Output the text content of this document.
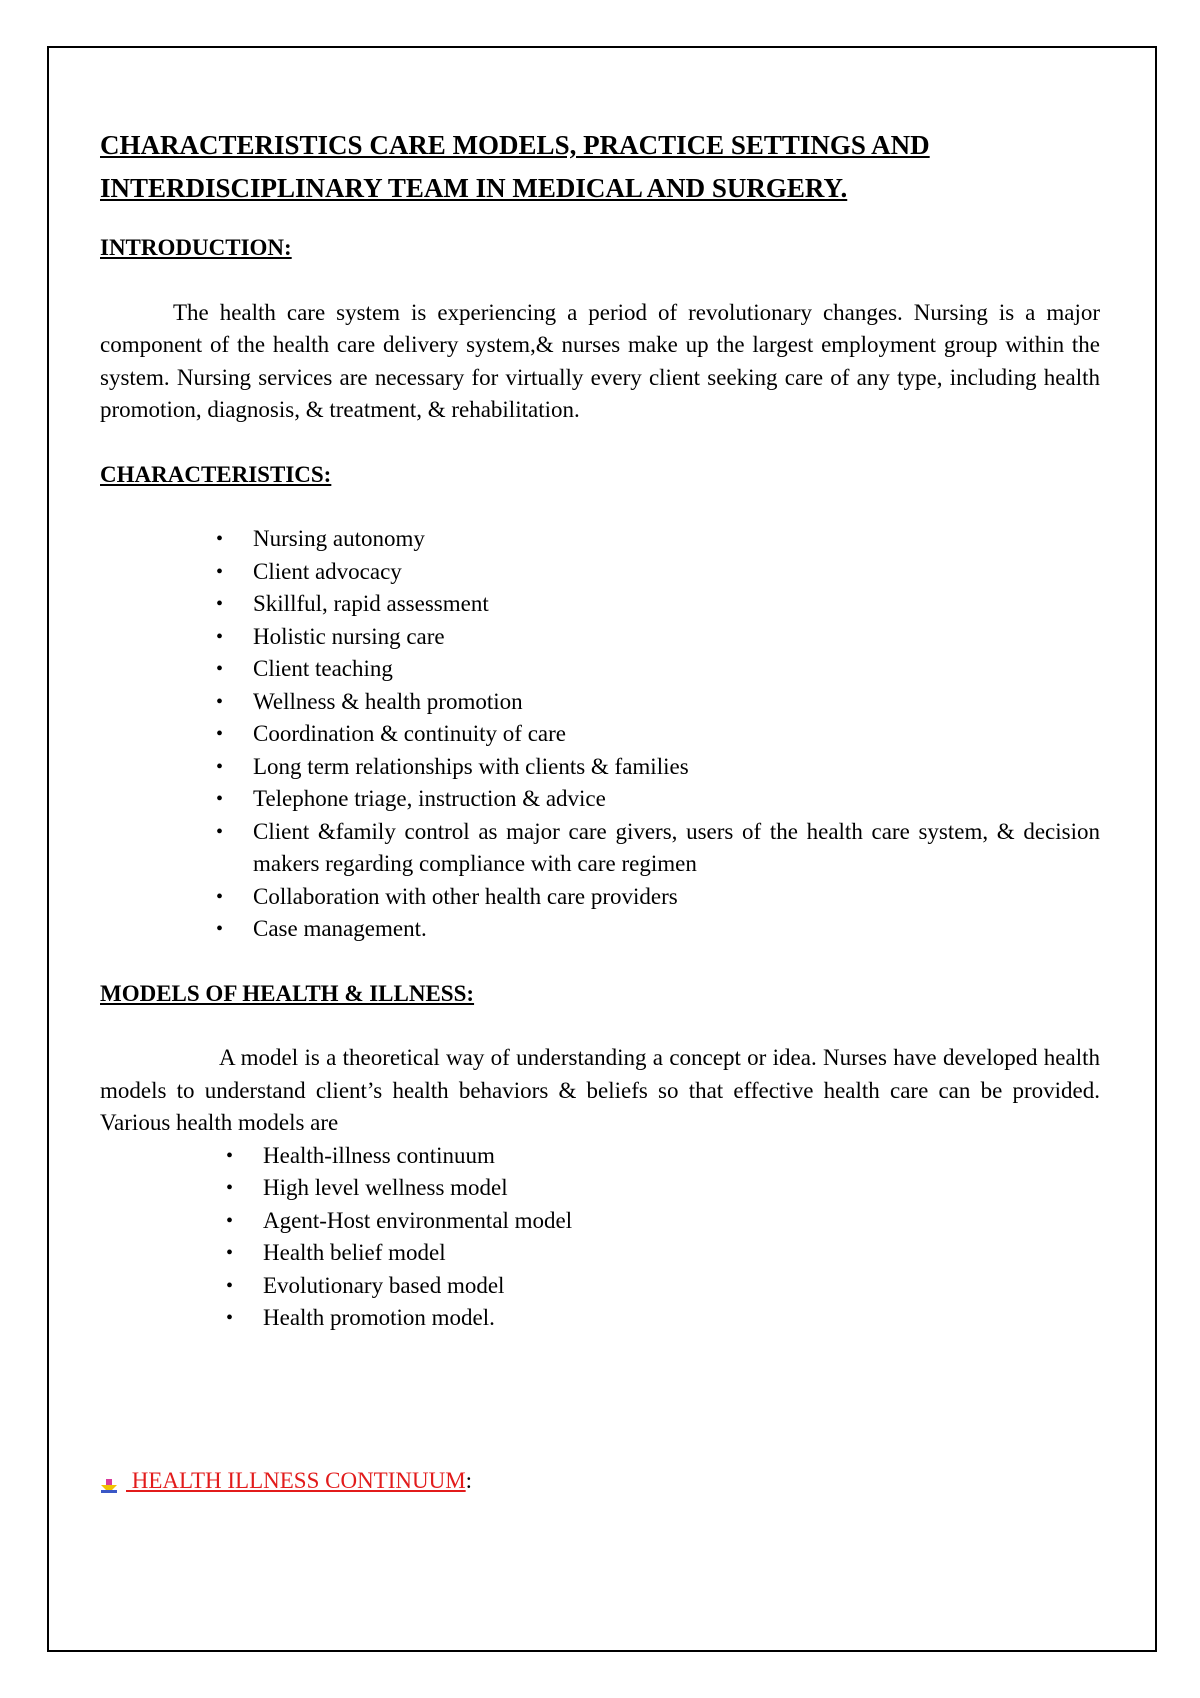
CHARACTERISTICS CARE MODELS, PRACTICE SETTINGS AND
INTERDISCIPLINARY TEAM IN MEDICAL AND SURGERY.
INTRODUCTION:

The health care system is experiencing a period of revolutionary changes. Nursing is a major component of the health care delivery system,& nurses make up the largest employment group within the system. Nursing services are necessary for virtually every client seeking care of any type, including health promotion, diagnosis, & treatment, & rehabilitation.

CHARACTERISTICS:
• Nursing autonomy
• Client advocacy
• Skillful, rapid assessment
• Holistic nursing care
• Client teaching
• Wellness & health promotion
• Coordination & continuity of care
• Long term relationships with clients & families
• Telephone triage, instruction & advice
• Client &family control as major care givers, users of the health care system, & decision makers regarding compliance with care regimen
• Collaboration with other health care providers
• Case management.
MODELS OF HEALTH & ILLNESS:

A model is a theoretical way of understanding a concept or idea. Nurses have developed health models to understand client’s health behaviors & beliefs so that effective health care can be provided. Various health models are

• Health-illness continuum
• High level wellness model
• Agent-Host environmental model
• Health belief model
• Evolutionary based model
• Health promotion model.
HEALTH ILLNESS CONTINUUM:
